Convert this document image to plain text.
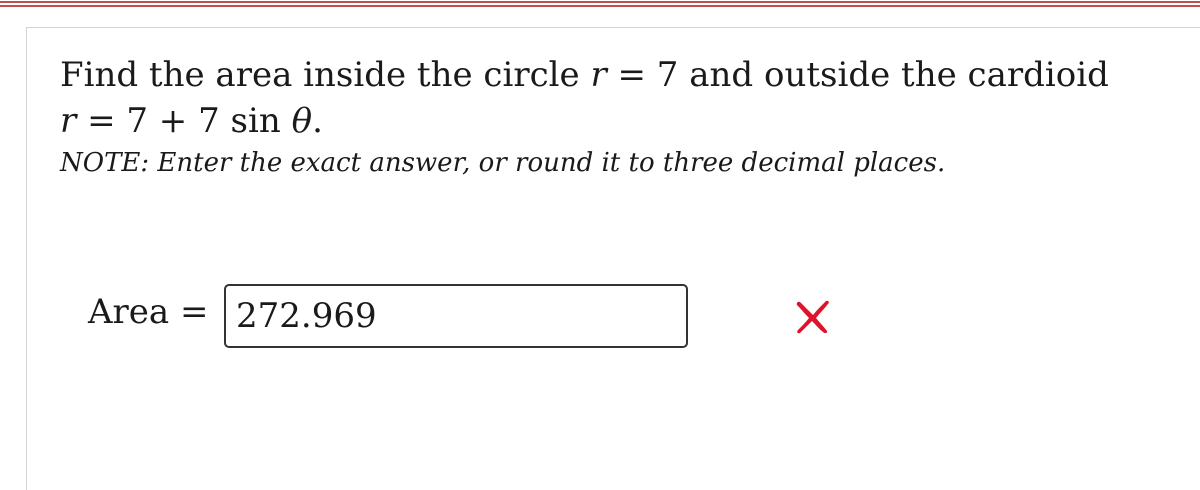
Find the area inside the circle r = 7 and outside the cardioid
r = 7 + 7 sin θ.
NOTE: Enter the exact answer, or round it to three decimal places.
Area =
272.969
